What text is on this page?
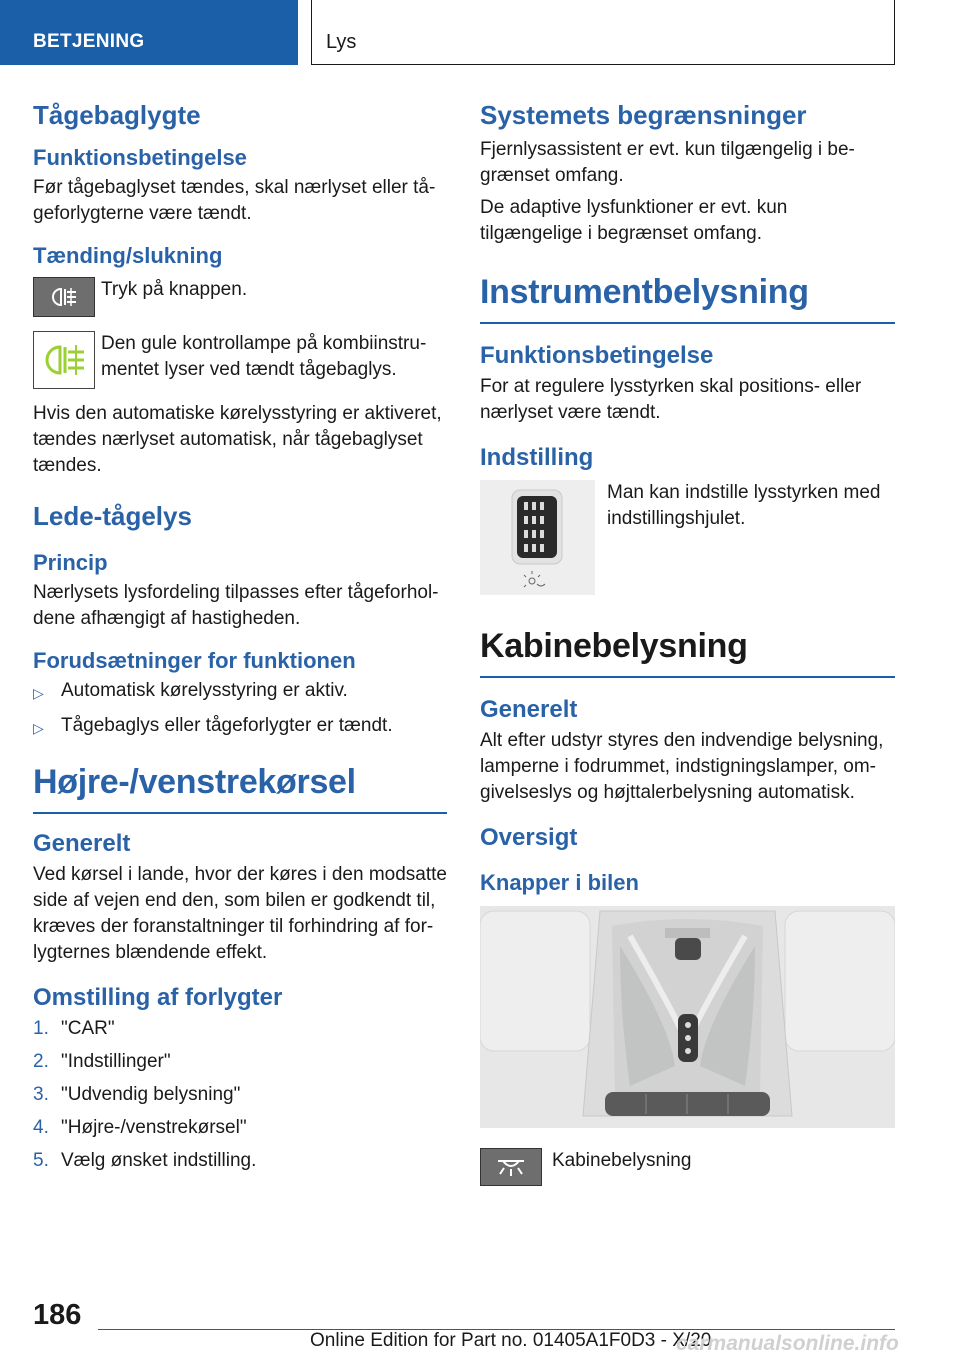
BETJENING	Lys
Tågebaglygte
Funktionsbetingelse

Før tågebaglyset tændes, skal nærlyset eller tå-geforlygterne være tændt.

Tænding/slukning
Tryk på knappen.
Den gule kontrollampe på kombiinstru-mentet lyser ved tændt tågebaglys.

Hvis den automatiske kørelysstyring er aktiveret, tændes nærlyset automatisk, når tågebaglyset tændes.

Lede-tågelys
Princip

Nærlysets lysfordeling tilpasses efter tågeforhol-dene afhængigt af hastigheden.

Forudsætninger for funktionen
▷ Automatisk kørelysstyring er aktiv.
▷ Tågebaglys eller tågeforlygter er tændt.
Højre-/venstrekørsel
Generelt

Ved kørsel i lande, hvor der køres i den modsatte side af vejen end den, som bilen er godkendt til, kræves der foranstaltninger til forhindring af for-lygternes blændende effekt.

Omstilling af forlygter
1. "CAR"
2. "Indstillinger"
3. "Udvendig belysning"
4. "Højre-/venstrekørsel"
5. Vælg ønsket indstilling.
Systemets begrænsninger

Fjernlysassistent er evt. kun tilgængelig i be-grænset omfang.

De adaptive lysfunktioner er evt. kun tilgængelige i begrænset omfang.

Instrumentbelysning
Funktionsbetingelse

For at regulere lysstyrken skal positions- eller nærlyset være tændt.

Indstilling
Man kan indstille lysstyrken med indstillingshjulet.
Kabinebelysning
Generelt

Alt efter udstyr styres den indvendige belysning, lamperne i fodrummet, indstigningslamper, om-givelseslys og højttalerbelysning automatisk.

Oversigt
Knapper i bilen
Kabinebelysning
186
Online Edition for Part no. 01405A1F0D3 - X/20
carmanualsonline.info
